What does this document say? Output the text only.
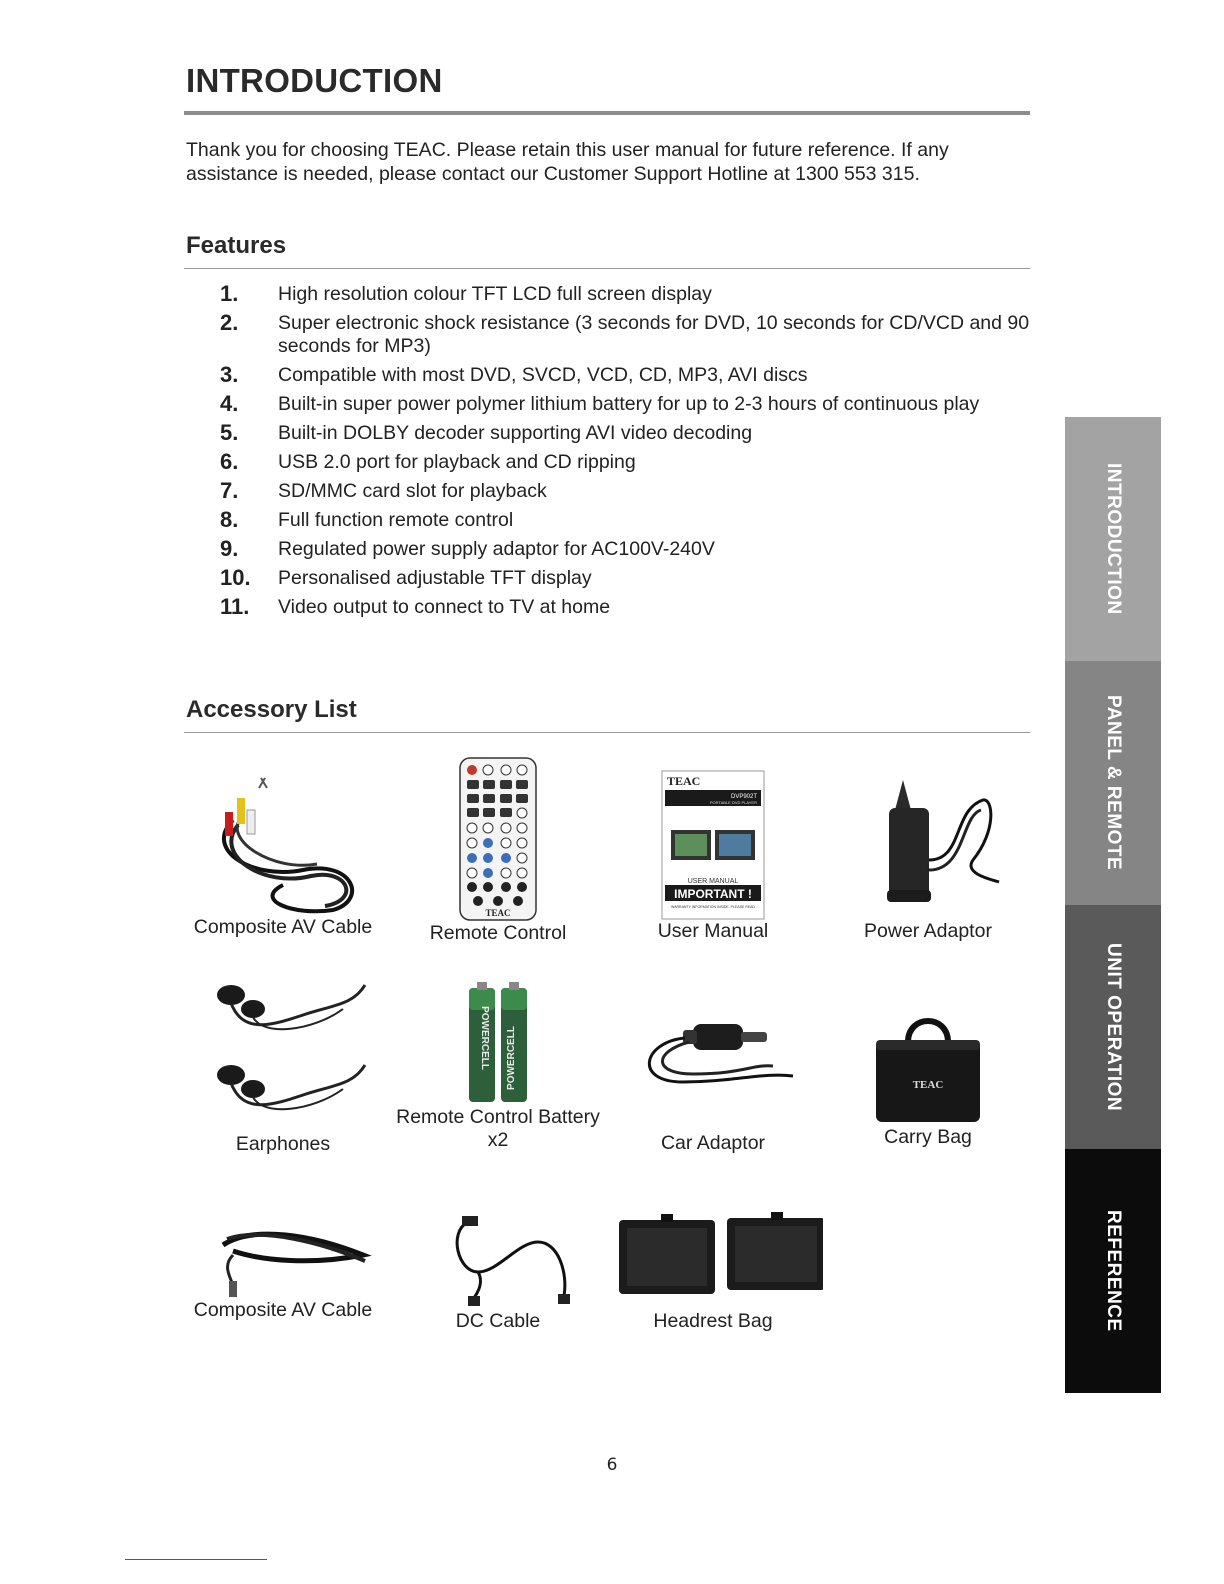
INTRODUCTION
Thank you for choosing TEAC. Please retain this user manual for future reference. If any assistance is needed, please contact our Customer Support Hotline at 1300 553 315.
Features
1. High resolution colour TFT LCD full screen display
2. Super electronic shock resistance (3 seconds for DVD, 10 seconds for CD/VCD and 90 seconds for MP3)
3. Compatible with most DVD, SVCD, VCD, CD, MP3, AVI discs
4. Built-in super power polymer lithium battery for up to 2-3 hours of continuous play
5. Built-in DOLBY decoder supporting AVI video decoding
6. USB 2.0 port for playback and CD ripping
7. SD/MMC card slot for playback
8. Full function remote control
9. Regulated power supply adaptor for AC100V-240V
10. Personalised adjustable TFT display
11. Video output to connect to TV at home
Accessory List
Composite AV Cable
TEAC
Remote Control
TEAC
DVP902T
PORTABLE DVD PLAYER
USER MANUAL
IMPORTANT !
WARRANTY INFORMATION INSIDE. PLEASE READ
User Manual	Power Adaptor
Earphones
POWERCELL POWERCELL
Remote Control Battery x2	Car Adaptor
TEAC
Carry Bag
Composite AV Cable	DC Cable	Headrest Bag
INTRODUCTION
PANEL & REMOTE
UNIT OPERATION
REFERENCE
6
